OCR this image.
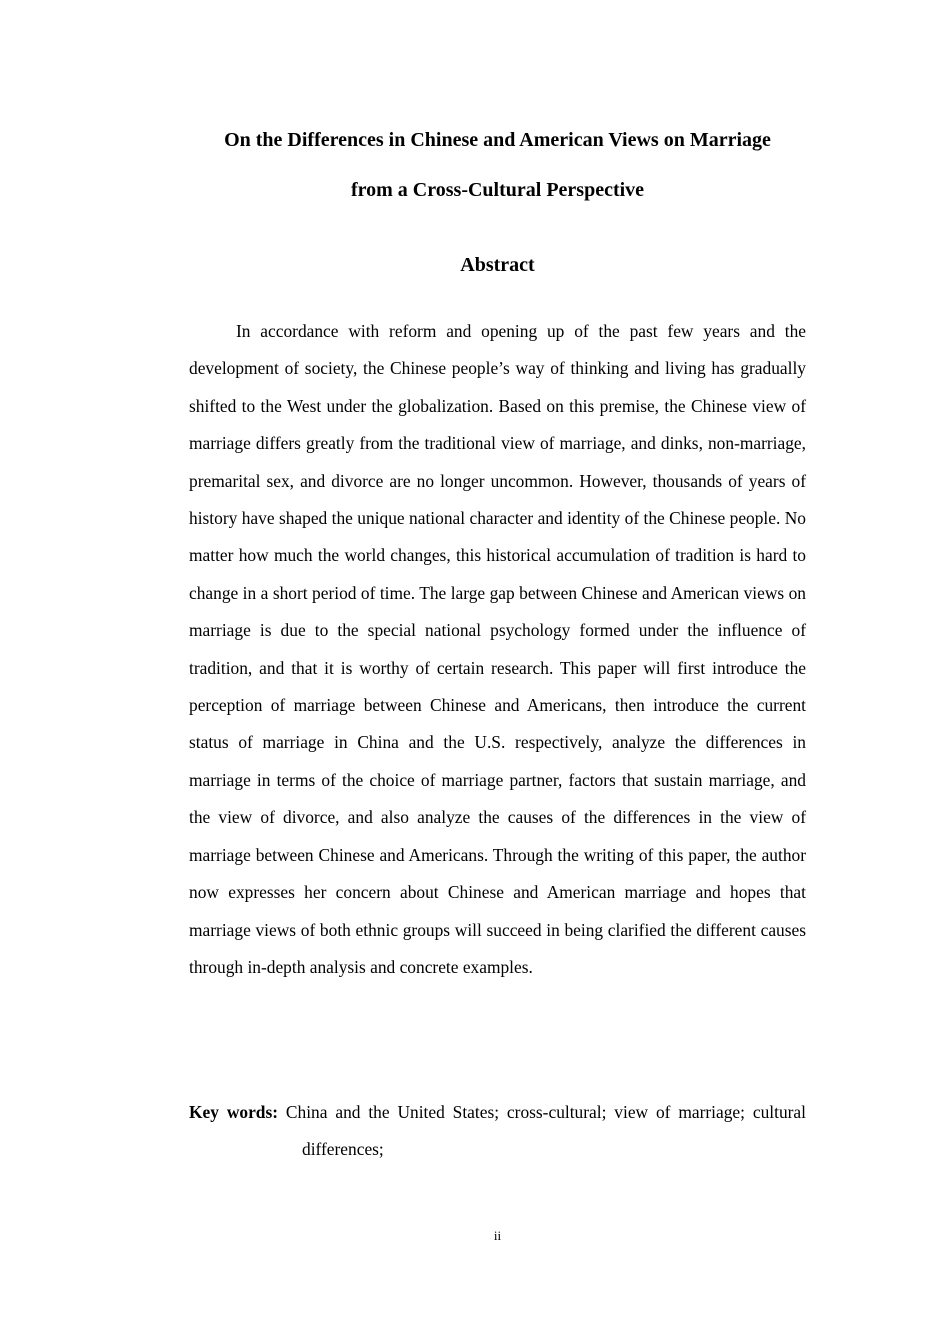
On the Differences in Chinese and American Views on Marriage
from a Cross-Cultural Perspective
Abstract

In accordance with reform and opening up of the past few years and the development of society, the Chinese people’s way of thinking and living has gradually shifted to the West under the globalization. Based on this premise, the Chinese view of marriage differs greatly from the traditional view of marriage, and dinks, non-marriage, premarital sex, and divorce are no longer uncommon. However, thousands of years of history have shaped the unique national character and identity of the Chinese people. No matter how much the world changes, this historical accumulation of tradition is hard to change in a short period of time. The large gap between Chinese and American views on marriage is due to the special national psychology formed under the influence of tradition, and that it is worthy of certain research. This paper will first introduce the perception of marriage between Chinese and Americans, then introduce the current status of marriage in China and the U.S. respectively, analyze the differences in marriage in terms of the choice of marriage partner, factors that sustain marriage, and the view of divorce, and also analyze the causes of the differences in the view of marriage between Chinese and Americans. Through the writing of this paper, the author now expresses her concern about Chinese and American marriage and hopes that marriage views of both ethnic groups will succeed in being clarified the different causes through in-depth analysis and concrete examples.

Key words: China and the United States; cross-cultural; view of marriage; cultural differences;
ii
